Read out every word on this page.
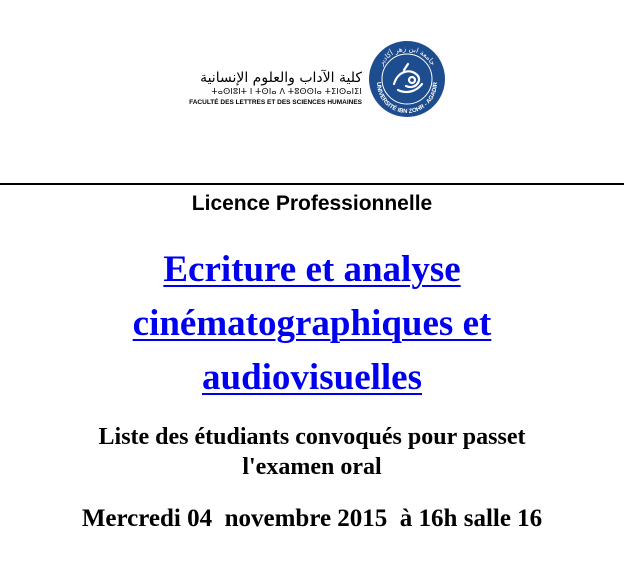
كلية الآداب والعلوم الإنسانية
ⵜⴰⵙⵏⵓⵏⵜ ⵏ ⵜⵙⵏⴰ ⴷ ⵜⵓⵙⵙⵏⴰ ⵜⵉⵏⵙⴰⵏⵉⵏ
FACULTÉ DES LETTRES ET DES SCIENCES HUMAINES
جامعة ابن زهر أكادير
UNIVERSITÉ IBN ZOHR - AGADIR
Licence Professionnelle
Ecriture et analyse
cinématographiques et
audiovisuelles
Liste des étudiants convoqués pour passet
l'examen oral
Mercredi 04  novembre 2015  à 16h salle 16
